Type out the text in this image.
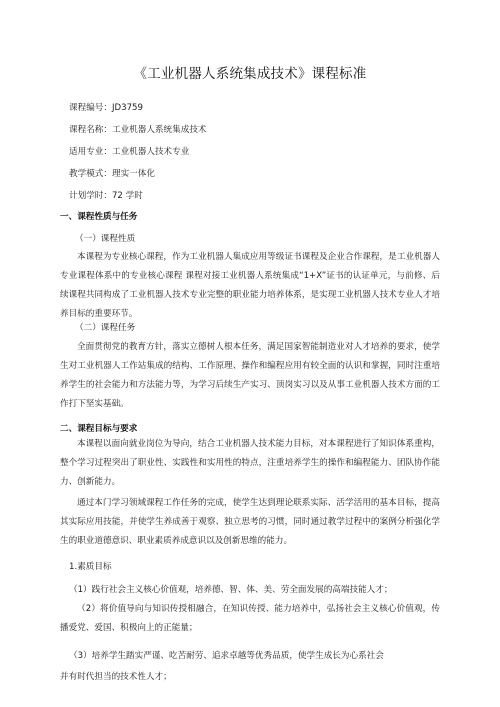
《工业机器人系统集成技术》课程标准
课程编号：JD3759
课程名称：工业机器人系统集成技术
适用专业：工业机器人技术专业
教学模式：理实一体化
计划学时：72 学时
一、课程性质与任务
（一）课程性质

本课程为专业核心课程，作为工业机器人集成应用等级证书课程及企业合作课程，是工业机器人专业课程体系中的专业核心课程 课程对接工业机器人系统集成“1+X”证书的认证单元，与前修、后续课程共同构成了工业机器人技术专业完整的职业能力培养体系，是实现工业机器人技术专业人才培养目标的重要环节。

（二）课程任务

全面贯彻党的教育方针，落实立德树人根本任务，满足国家智能制造业对人才培养的要求，使学生对工业机器人工作站集成的结构、工作原理、操作和编程应用有较全面的认识和掌握，同时注重培养学生的社会能力和方法能力等，为学习后续生产实习、顶岗实习以及从事工业机器人技术方面的工作打下坚实基础。

二、课程目标与要求

本课程以面向就业岗位为导向，结合工业机器人技术能力目标，对本课程进行了知识体系重构，整个学习过程突出了职业性、实践性和实用性的特点，注重培养学生的操作和编程能力、团队协作能力、创新能力。

通过本门学习领域课程工作任务的完成，使学生达到理论联系实际、活学活用的基本目标，提高其实际应用技能，并使学生养成善于观察、独立思考的习惯，同时通过教学过程中的案例分析强化学生的职业道德意识、职业素质养成意识以及创新思维的能力。

1.素质目标
（1）践行社会主义核心价值观，培养德、智、体、美、劳全面发展的高端技能人才；

（2）将价值导向与知识传授相融合，在知识传授、能力培养中，弘扬社会主义核心价值观，传播爱党、爱国、积极向上的正能量；

（3）培养学生踏实严谨、吃苦耐劳、追求卓越等优秀品质，使学生成长为心系社会
并有时代担当的技术性人才；
